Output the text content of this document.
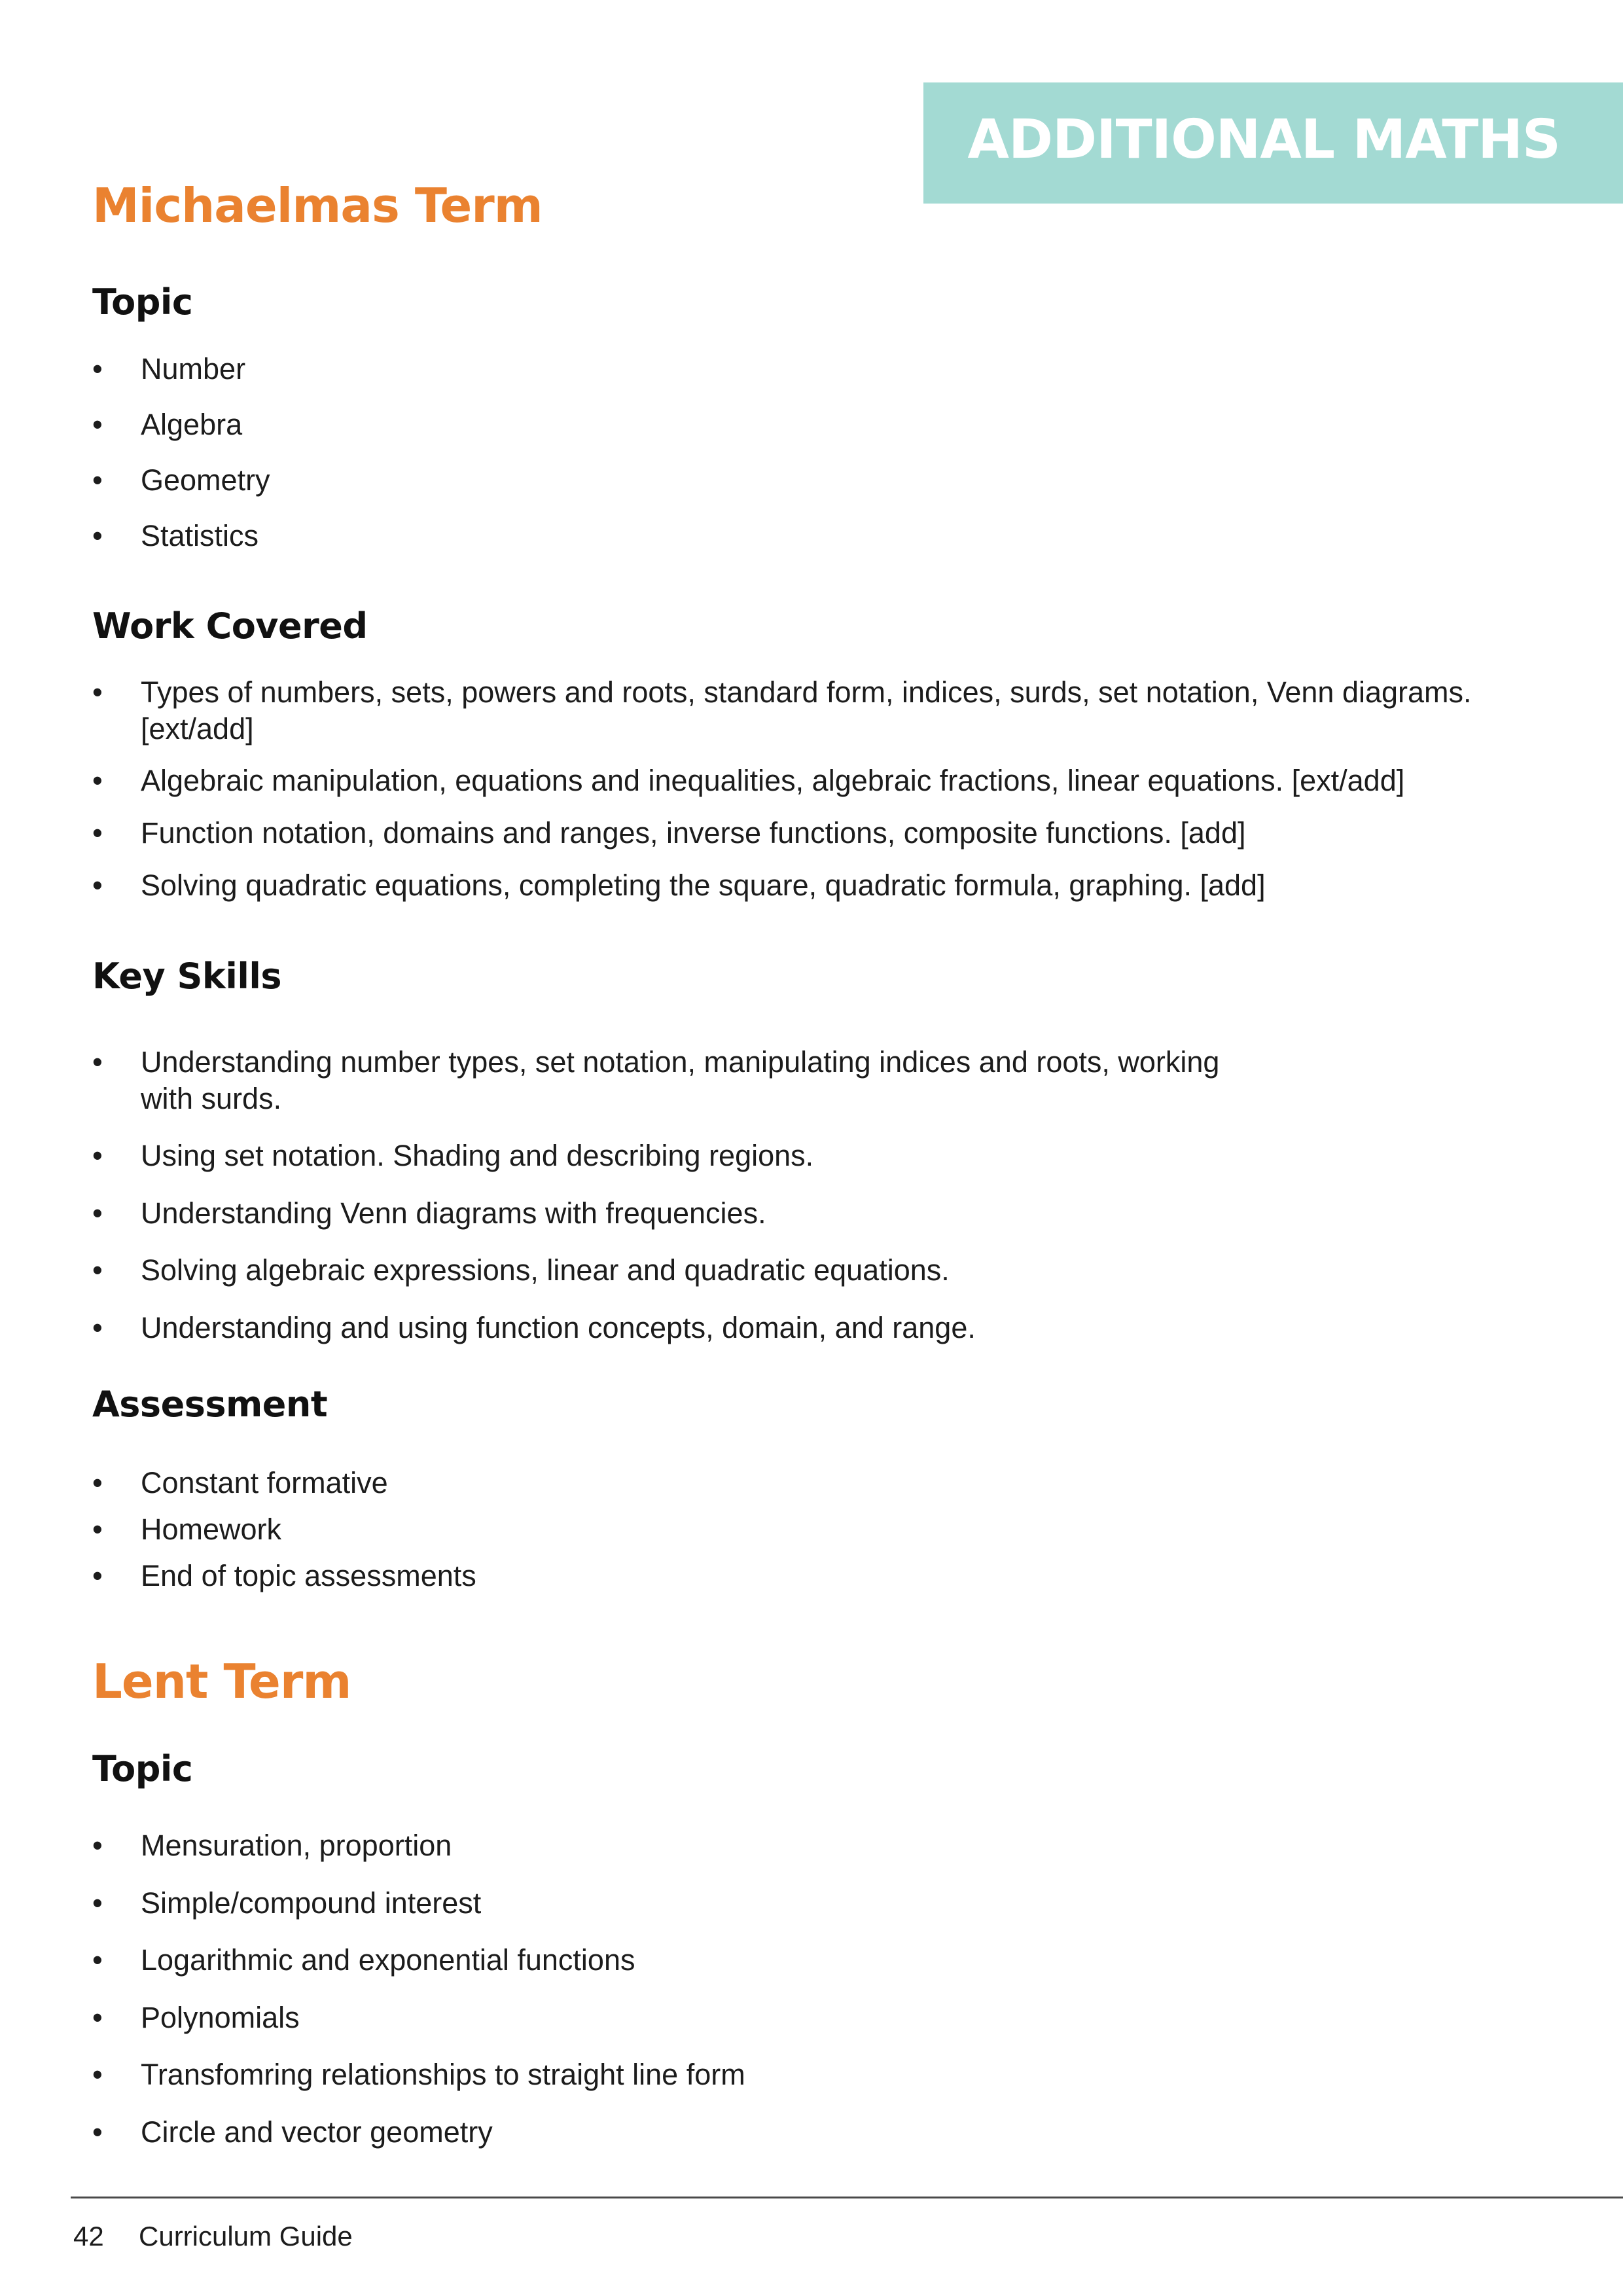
ADDITIONAL MATHS
Michaelmas Term
Topic
• Number
• Algebra
• Geometry
• Statistics
Work Covered
• Types of numbers, sets, powers and roots, standard form, indices, surds, set notation, Venn diagrams. [ext/add]
• Algebraic manipulation, equations and inequalities, algebraic fractions, linear equations. [ext/add]
• Function notation, domains and ranges, inverse functions, composite functions. [add]
• Solving quadratic equations, completing the square, quadratic formula, graphing. [add]
Key Skills
• Understanding number types, set notation, manipulating indices and roots, working with surds.
• Using set notation. Shading and describing regions.
• Understanding Venn diagrams with frequencies.
• Solving algebraic expressions, linear and quadratic equations.
• Understanding and using function concepts, domain, and range.
Assessment
• Constant formative
• Homework
• End of topic assessments
Lent Term
Topic
• Mensuration, proportion
• Simple/compound interest
• Logarithmic and exponential functions
• Polynomials
• Transfomring relationships to straight line form
• Circle and vector geometry
42 Curriculum Guide
